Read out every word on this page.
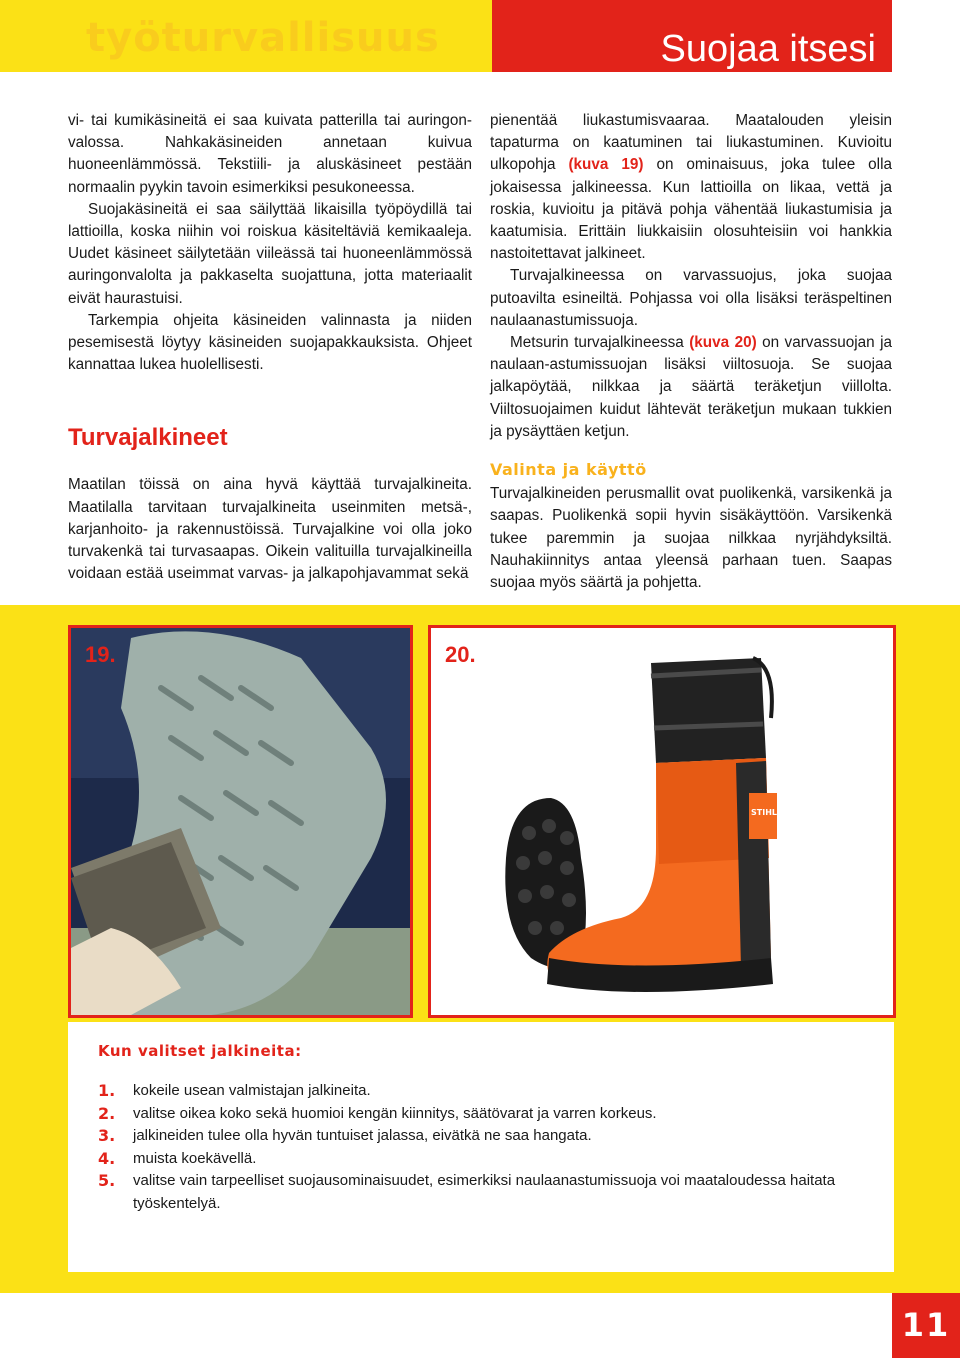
työturvallisuus	Suojaa itsesi

vi- tai kumikäsineitä ei saa kuivata patterilla tai auringon-valossa. Nahkakäsineiden annetaan kuivua huoneenlämmössä. Tekstiili- ja aluskäsineet pestään normaalin pyykin tavoin esimerkiksi pesukoneessa.

Suojakäsineitä ei saa säilyttää likaisilla työpöydillä tai lattioilla, koska niihin voi roiskua käsiteltäviä kemikaaleja. Uudet käsineet säilytetään viileässä tai huoneenlämmössä auringonvalolta ja pakkaselta suojattuna, jotta materiaalit eivät haurastuisi.

Tarkempia ohjeita käsineiden valinnasta ja niiden pesemisestä löytyy käsineiden suojapakkauksista. Ohjeet kannattaa lukea huolellisesti.

Turvajalkineet

Maatilan töissä on aina hyvä käyttää turvajalkineita. Maatilalla tarvitaan turvajalkineita useinmiten metsä-, karjanhoito- ja rakennustöissä. Turvajalkine voi olla joko turvakenkä tai turvasaapas. Oikein valituilla turvajalkineilla voidaan estää useimmat varvas- ja jalkapohjavammat sekä

pienentää liukastumisvaaraa. Maatalouden yleisin tapaturma on kaatuminen tai liukastuminen. Kuvioitu ulkopohja (kuva 19) on ominaisuus, joka tulee olla jokaisessa jalkineessa. Kun lattioilla on likaa, vettä ja roskia, kuvioitu ja pitävä pohja vähentää liukastumisia ja kaatumisia. Erittäin liukkaisiin olosuhteisiin voi hankkia nastoitettavat jalkineet.

Turvajalkineessa on varvassuojus, joka suojaa putoavilta esineiltä. Pohjassa voi olla lisäksi teräspeltinen naulaanastumissuoja.

Metsurin turvajalkineessa (kuva 20) on varvassuojan ja naulaan-astumissuojan lisäksi viiltosuoja. Se suojaa jalkapöytää, nilkkaa ja säärtä teräketjun viillolta. Viiltosuojaimen kuidut lähtevät teräketjun mukaan tukkien ja pysäyttäen ketjun.

Valinta ja käyttö

Turvajalkineiden perusmallit ovat puolikenkä, varsikenkä ja saapas. Puolikenkä sopii hyvin sisäkäyttöön. Varsikenkä tukee paremmin ja suojaa nilkkaa nyrjähdyksiltä. Nauhakiinnitys antaa yleensä parhaan tuen. Saapas suojaa myös säärtä ja pohjetta.

19.
STIHL
20.
Kun valitset jalkineita:
1.	kokeile usean valmistajan jalkineita.
2.	valitse oikea koko sekä huomioi kengän kiinnitys, säätövarat ja varren korkeus.
3.	jalkineiden tulee olla hyvän tuntuiset jalassa, eivätkä ne saa hangata.
4.	muista koekävellä.
5.	valitse vain tarpeelliset suojausominaisuudet, esimerkiksi naulaanastumissuoja voi maataloudessa haitata työskentelyä.
11
